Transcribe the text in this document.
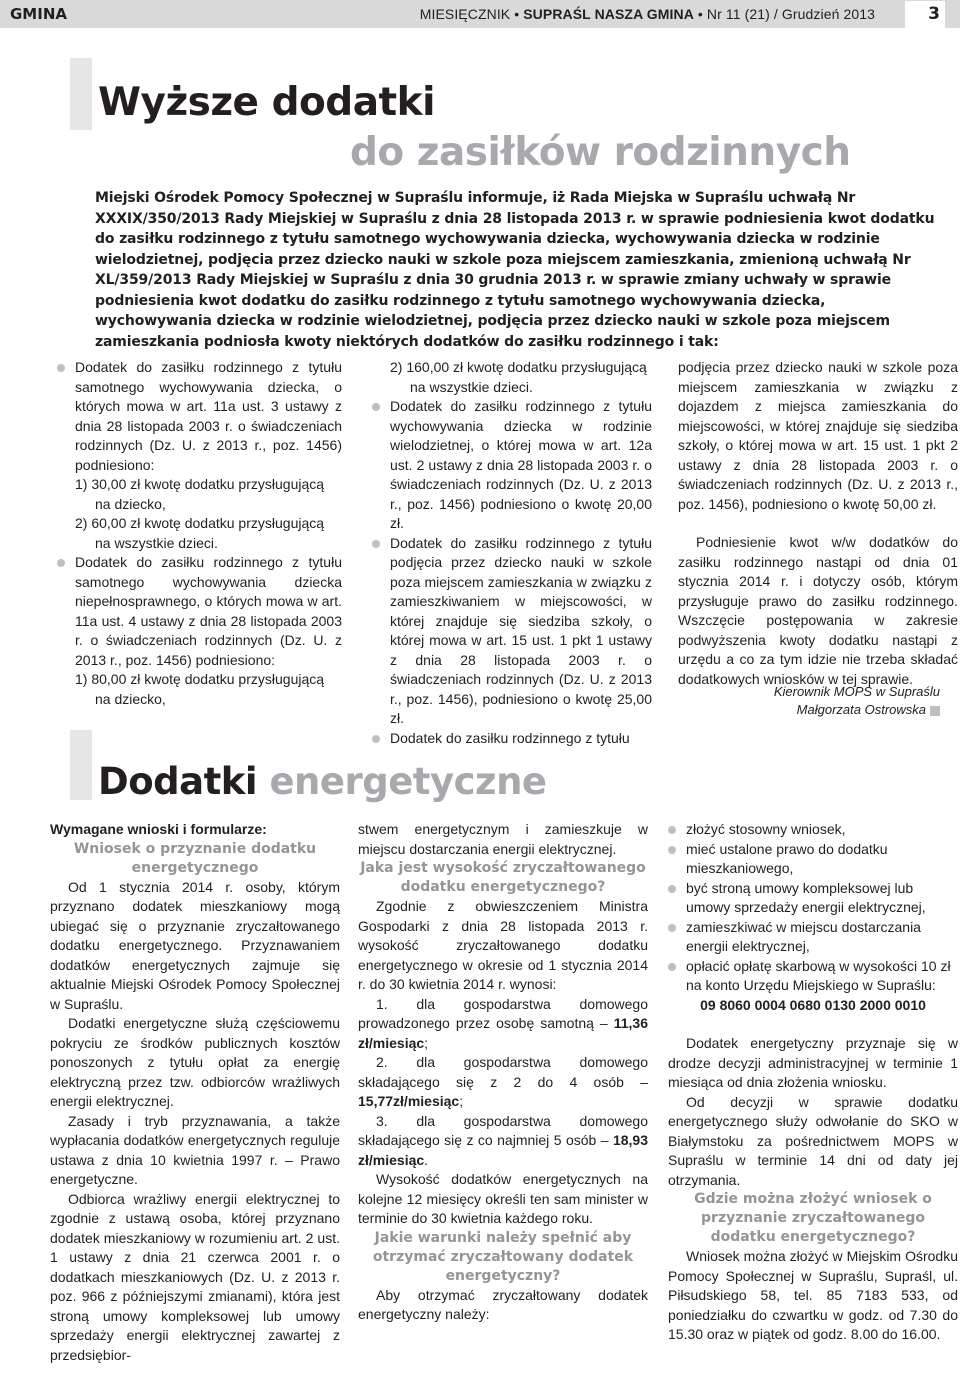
GMINA	MIESIĘCZNIK • SUPRAŚL NASZA GMINA • Nr 11 (21) / Grudzień 2013	3
Wyższe dodatki
do zasiłków rodzinnych
Miejski Ośrodek Pomocy Społecznej w Supraślu informuje, iż Rada Miejska w Supraślu uchwałą Nr XXXIX/350/2013 Rady Miejskiej w Supraślu z dnia 28 listopada 2013 r. w sprawie podniesienia kwot dodatku do zasiłku rodzinnego z tytułu samotnego wychowywania dziecka, wychowywania dziecka w rodzinie wielodzietnej, podjęcia przez dziecko nauki w szkole poza miejscem zamieszkania, zmienioną uchwałą Nr XL/359/2013 Rady Miejskiej w Supraślu z dnia 30 grudnia 2013 r. w sprawie zmiany uchwały w sprawie podniesienia kwot dodatku do zasiłku rodzinnego z tytułu samotnego wychowywania dziecka, wychowywania dziecka w rodzinie wielodzietnej, podjęcia przez dziecko nauki w szkole poza miejscem zamieszkania podniosła kwoty niektórych dodatków do zasiłku rodzinnego i tak:

Dodatek do zasiłku rodzinnego z tytułu samotnego wychowywania dziecka, o których mowa w art. 11a ust. 3 ustawy z dnia 28 listopada 2003 r. o świadczeniach rodzinnych (Dz. U. z 2013 r., poz. 1456) podniesiono:

1) 30,00 zł kwotę dodatku przysługującą na dziecko,

2) 60,00 zł kwotę dodatku przysługującą na wszystkie dzieci.

Dodatek do zasiłku rodzinnego z tytułu samotnego wychowywania dziecka niepełnosprawnego, o których mowa w art. 11a ust. 4 ustawy z dnia 28 listopada 2003 r. o świadczeniach rodzinnych (Dz. U. z 2013 r., poz. 1456) podniesiono:

1) 80,00 zł kwotę dodatku przysługującą na dziecko,

2) 160,00 zł kwotę dodatku przysługującą na wszystkie dzieci.

Dodatek do zasiłku rodzinnego z tytułu wychowywania dziecka w rodzinie wielodzietnej, o której mowa w art. 12a ust. 2 ustawy z dnia 28 listopada 2003 r. o świadczeniach rodzinnych (Dz. U. z 2013 r., poz. 1456) podniesiono o kwotę 20,00 zł.

Dodatek do zasiłku rodzinnego z tytułu podjęcia przez dziecko nauki w szkole poza miejscem zamieszkania w związku z zamieszkiwaniem w miejscowości, w której znajduje się siedziba szkoły, o której mowa w art. 15 ust. 1 pkt 1 ustawy z dnia 28 listopada 2003 r. o świadczeniach rodzinnych (Dz. U. z 2013 r., poz. 1456), podniesiono o kwotę 25,00 zł.

Dodatek do zasiłku rodzinnego z tytułu

podjęcia przez dziecko nauki w szkole poza miejscem zamieszkania w związku z dojazdem z miejsca zamieszkania do miejscowości, w której znajduje się siedziba szkoły, o której mowa w art. 15 ust. 1 pkt 2 ustawy z dnia 28 listopada 2003 r. o świadczeniach rodzinnych (Dz. U. z 2013 r., poz. 1456), podniesiono o kwotę 50,00 zł.

Podniesienie kwot w/w dodatków do zasiłku rodzinnego nastąpi od dnia 01 stycznia 2014 r. i dotyczy osób, którym przysługuje prawo do zasiłku rodzinnego. Wszczęcie postępowania w zakresie podwyższenia kwoty dodatku nastąpi z urzędu a co za tym idzie nie trzeba składać dodatkowych wniosków w tej sprawie.

Kierownik MOPS w Supraślu
Małgorzata Ostrowska
Dodatki energetyczne

Wymagane wnioski i formularze:

Wniosek o przyznanie dodatku energetycznego

Od 1 stycznia 2014 r. osoby, którym przyznano dodatek mieszkaniowy mogą ubiegać się o przyznanie zryczałtowanego dodatku energetycznego. Przyznawaniem dodatków energetycznych zajmuje się aktualnie Miejski Ośrodek Pomocy Społecznej w Supraślu.

Dodatki energetyczne służą częściowemu pokryciu ze środków publicznych kosztów ponoszonych z tytułu opłat za energię elektryczną przez tzw. odbiorców wrażliwych energii elektrycznej.

Zasady i tryb przyznawania, a także wypłacania dodatków energetycznych reguluje ustawa z dnia 10 kwietnia 1997 r. – Prawo energetyczne.

Odbiorca wrażliwy energii elektrycznej to zgodnie z ustawą osoba, której przyznano dodatek mieszkaniowy w rozumieniu art. 2 ust. 1 ustawy z dnia 21 czerwca 2001 r. o dodatkach mieszkaniowych (Dz. U. z 2013 r. poz. 966 z późniejszymi zmianami), która jest stroną umowy kompleksowej lub umowy sprzedaży energii elektrycznej zawartej z przedsiębior-

stwem energetycznym i zamieszkuje w miejscu dostarczania energii elektrycznej.

Jaka jest wysokość zryczałtowanego dodatku energetycznego?

Zgodnie z obwieszczeniem Ministra Gospodarki z dnia 28 listopada 2013 r. wysokość zryczałtowanego dodatku energetycznego w okresie od 1 stycznia 2014 r. do 30 kwietnia 2014 r. wynosi:

1. dla gospodarstwa domowego prowadzonego przez osobę samotną – 11,36 zł/miesiąc;

2. dla gospodarstwa domowego składającego się z 2 do 4 osób – 15,77zł/miesiąc;

3. dla gospodarstwa domowego składającego się z co najmniej 5 osób – 18,93 zł/miesiąc.

Wysokość dodatków energetycznych na kolejne 12 miesięcy określi ten sam minister w terminie do 30 kwietnia każdego roku.

Jakie warunki należy spełnić aby otrzymać zryczałtowany dodatek energetyczny?

Aby otrzymać zryczałtowany dodatek energetyczny należy:

złożyć stosowny wniosek,

mieć ustalone prawo do dodatku mieszkaniowego,

być stroną umowy kompleksowej lub umowy sprzedaży energii elektrycznej,

zamieszkiwać w miejscu dostarczania energii elektrycznej,

opłacić opłatę skarbową w wysokości 10 zł na konto Urzędu Miejskiego w Supraślu:

09 8060 0004 0680 0130 2000 0010

Dodatek energetyczny przyznaje się w drodze decyzji administracyjnej w terminie 1 miesiąca od dnia złożenia wniosku.

Od decyzji w sprawie dodatku energetycznego służy odwołanie do SKO w Białymstoku za pośrednictwem MOPS w Supraślu w terminie 14 dni od daty jej otrzymania.

Gdzie można złożyć wniosek o przyznanie zryczałtowanego dodatku energetycznego?

Wniosek można złożyć w Miejskim Ośrodku Pomocy Społecznej w Supraślu, Supraśl, ul. Piłsudskiego 58, tel. 85 7183 533, od poniedziałku do czwartku w godz. od 7.30 do 15.30 oraz w piątek od godz. 8.00 do 16.00.
